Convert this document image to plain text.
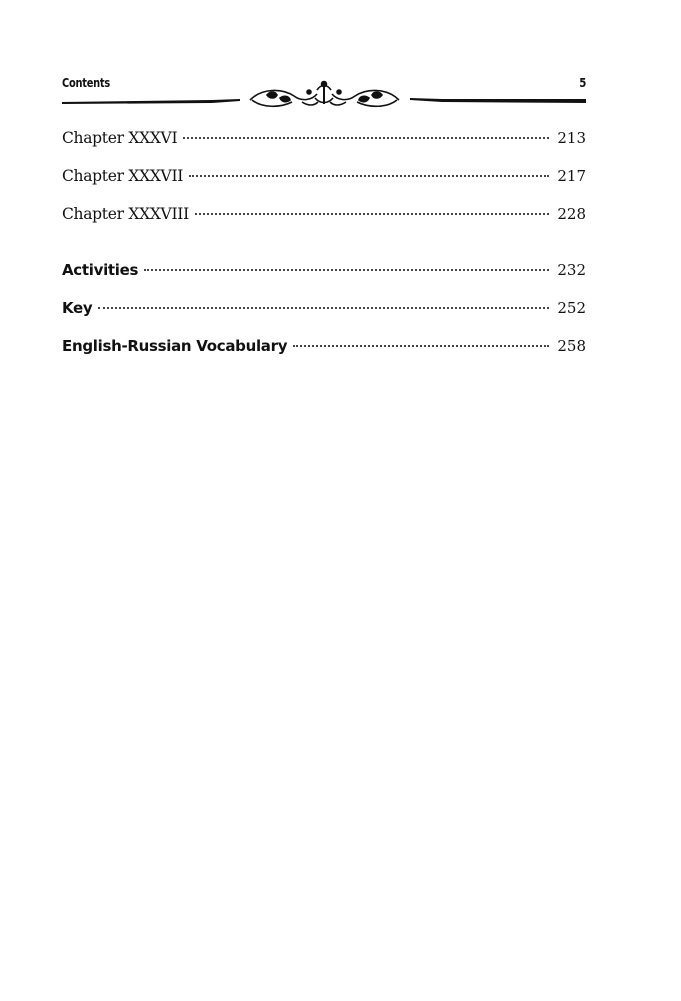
Contents	5
Chapter XXXVI	213
Chapter XXXVII	217
Chapter XXXVIII	228
Activities	232
Key	252
English-Russian Vocabulary	258
